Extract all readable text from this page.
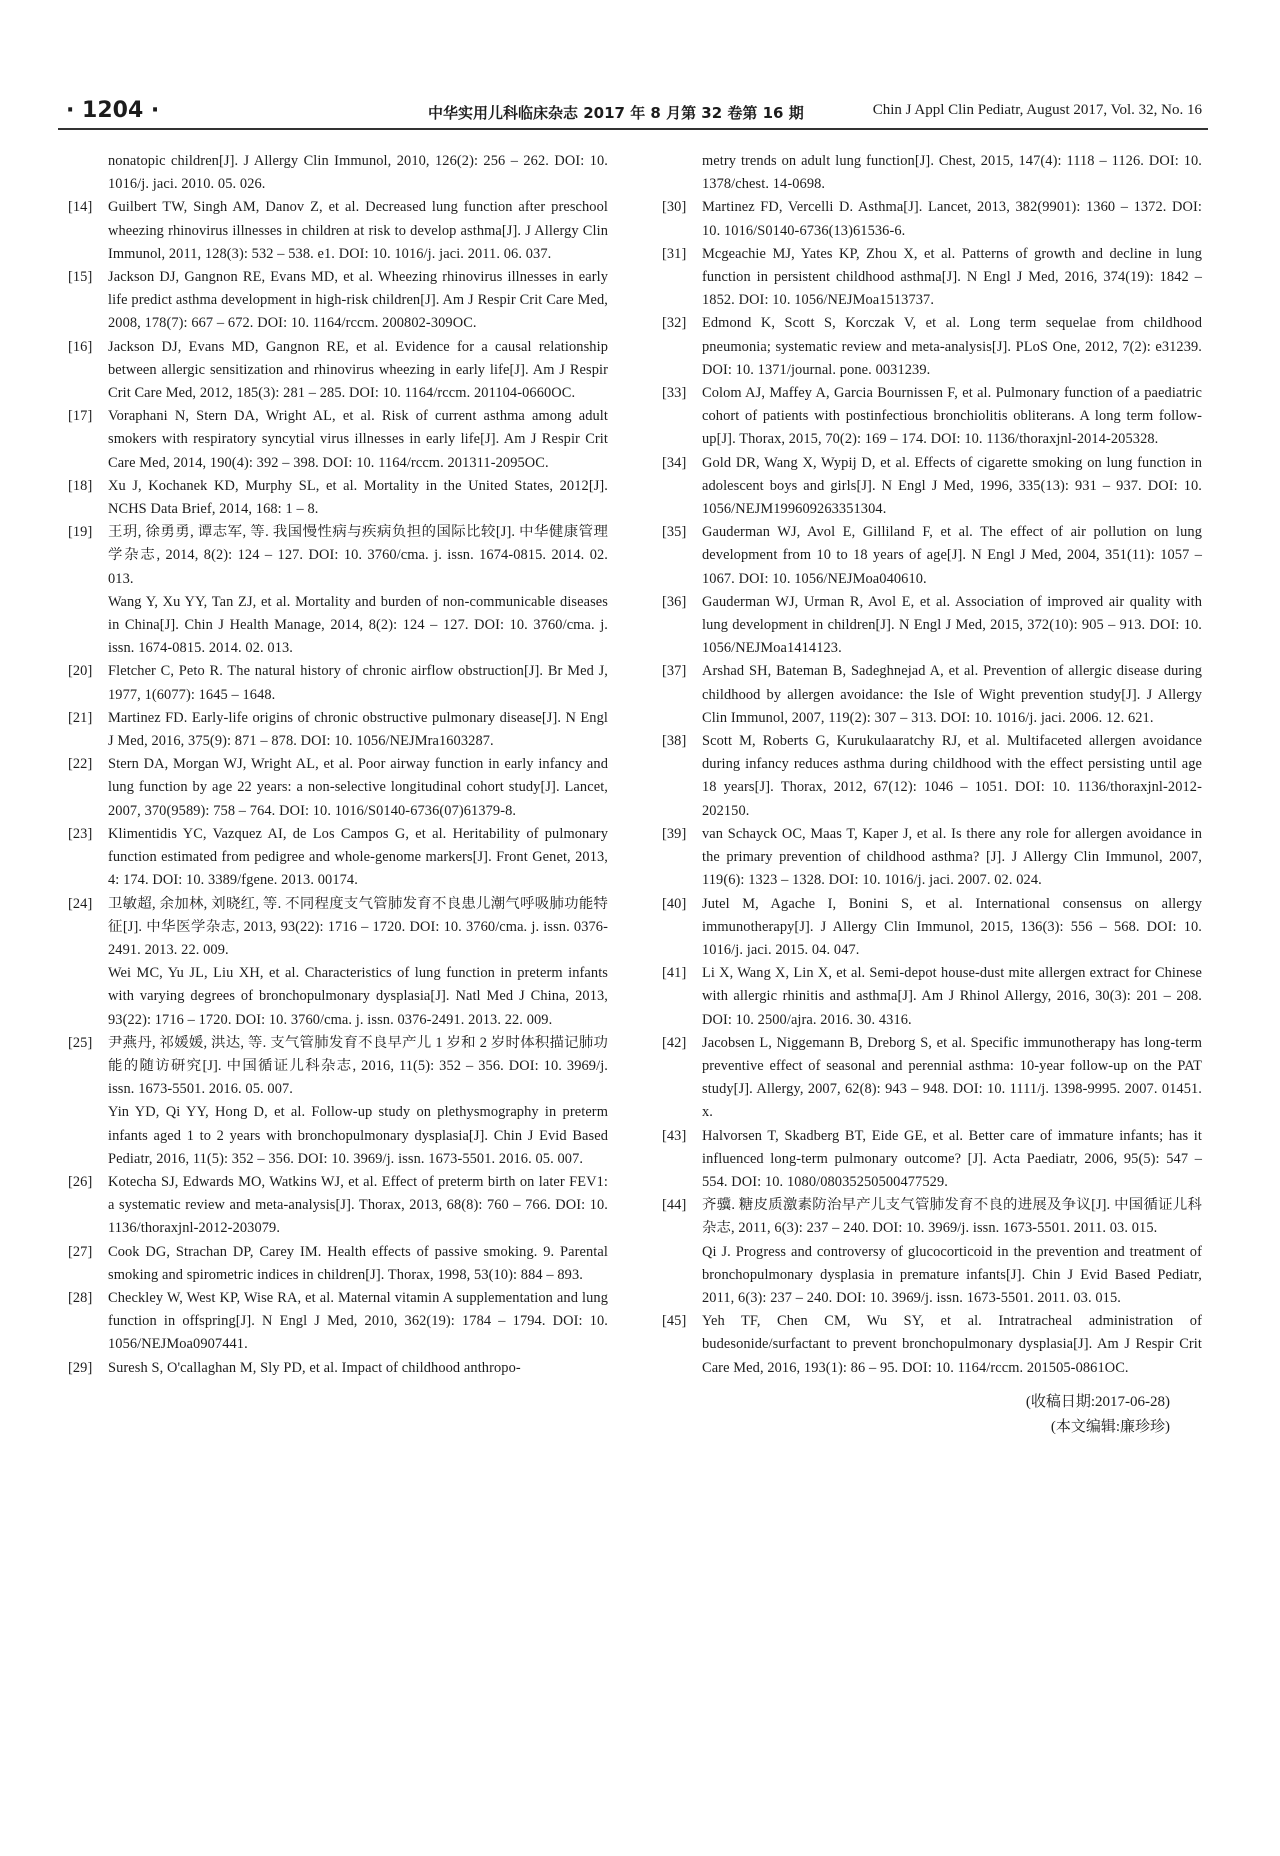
· 1204 ·	中华实用儿科临床杂志 2017 年 8 月第 32 卷第 16 期	Chin J Appl Clin Pediatr, August 2017, Vol. 32, No. 16

nonatopic children[J]. J Allergy Clin Immunol, 2010, 126(2): 256 – 262. DOI: 10. 1016/j. jaci. 2010. 05. 026.

[14]	Guilbert TW, Singh AM, Danov Z, et al. Decreased lung function after preschool wheezing rhinovirus illnesses in children at risk to develop asthma[J]. J Allergy Clin Immunol, 2011, 128(3): 532 – 538. e1. DOI: 10. 1016/j. jaci. 2011. 06. 037.

[15]	Jackson DJ, Gangnon RE, Evans MD, et al. Wheezing rhinovirus illnesses in early life predict asthma development in high-risk children[J]. Am J Respir Crit Care Med, 2008, 178(7): 667 – 672. DOI: 10. 1164/rccm. 200802-309OC.

[16]	Jackson DJ, Evans MD, Gangnon RE, et al. Evidence for a causal relationship between allergic sensitization and rhinovirus wheezing in early life[J]. Am J Respir Crit Care Med, 2012, 185(3): 281 – 285. DOI: 10. 1164/rccm. 201104-0660OC.

[17]	Voraphani N, Stern DA, Wright AL, et al. Risk of current asthma among adult smokers with respiratory syncytial virus illnesses in early life[J]. Am J Respir Crit Care Med, 2014, 190(4): 392 – 398. DOI: 10. 1164/rccm. 201311-2095OC.

[18]	Xu J, Kochanek KD, Murphy SL, et al. Mortality in the United States, 2012[J]. NCHS Data Brief, 2014, 168: 1 – 8.

[19]	王玥, 徐勇勇, 谭志军, 等. 我国慢性病与疾病负担的国际比较[J]. 中华健康管理学杂志, 2014, 8(2): 124 – 127. DOI: 10. 3760/cma. j. issn. 1674-0815. 2014. 02. 013.
Wang Y, Xu YY, Tan ZJ, et al. Mortality and burden of non-communicable diseases in China[J]. Chin J Health Manage, 2014, 8(2): 124 – 127. DOI: 10. 3760/cma. j. issn. 1674-0815. 2014. 02. 013.

[20]	Fletcher C, Peto R. The natural history of chronic airflow obstruction[J]. Br Med J, 1977, 1(6077): 1645 – 1648.

[21]	Martinez FD. Early-life origins of chronic obstructive pulmonary disease[J]. N Engl J Med, 2016, 375(9): 871 – 878. DOI: 10. 1056/NEJMra1603287.

[22]	Stern DA, Morgan WJ, Wright AL, et al. Poor airway function in early infancy and lung function by age 22 years: a non-selective longitudinal cohort study[J]. Lancet, 2007, 370(9589): 758 – 764. DOI: 10. 1016/S0140-6736(07)61379-8.

[23]	Klimentidis YC, Vazquez AI, de Los Campos G, et al. Heritability of pulmonary function estimated from pedigree and whole-genome markers[J]. Front Genet, 2013, 4: 174. DOI: 10. 3389/fgene. 2013. 00174.

[24]	卫敏超, 余加林, 刘晓红, 等. 不同程度支气管肺发育不良患儿潮气呼吸肺功能特征[J]. 中华医学杂志, 2013, 93(22): 1716 – 1720. DOI: 10. 3760/cma. j. issn. 0376-2491. 2013. 22. 009.
Wei MC, Yu JL, Liu XH, et al. Characteristics of lung function in preterm infants with varying degrees of bronchopulmonary dysplasia[J]. Natl Med J China, 2013, 93(22): 1716 – 1720. DOI: 10. 3760/cma. j. issn. 0376-2491. 2013. 22. 009.

[25]	尹燕丹, 祁媛媛, 洪达, 等. 支气管肺发育不良早产儿 1 岁和 2 岁时体积描记肺功能的随访研究[J]. 中国循证儿科杂志, 2016, 11(5): 352 – 356. DOI: 10. 3969/j. issn. 1673-5501. 2016. 05. 007.
Yin YD, Qi YY, Hong D, et al. Follow-up study on plethysmography in preterm infants aged 1 to 2 years with bronchopulmonary dysplasia[J]. Chin J Evid Based Pediatr, 2016, 11(5): 352 – 356. DOI: 10. 3969/j. issn. 1673-5501. 2016. 05. 007.

[26]	Kotecha SJ, Edwards MO, Watkins WJ, et al. Effect of preterm birth on later FEV1: a systematic review and meta-analysis[J]. Thorax, 2013, 68(8): 760 – 766. DOI: 10. 1136/thoraxjnl-2012-203079.

[27]	Cook DG, Strachan DP, Carey IM. Health effects of passive smoking. 9. Parental smoking and spirometric indices in children[J]. Thorax, 1998, 53(10): 884 – 893.

[28]	Checkley W, West KP, Wise RA, et al. Maternal vitamin A supplementation and lung function in offspring[J]. N Engl J Med, 2010, 362(19): 1784 – 1794. DOI: 10. 1056/NEJMoa0907441.

[29]	Suresh S, O'callaghan M, Sly PD, et al. Impact of childhood anthropo-

metry trends on adult lung function[J]. Chest, 2015, 147(4): 1118 – 1126. DOI: 10. 1378/chest. 14-0698.

[30]	Martinez FD, Vercelli D. Asthma[J]. Lancet, 2013, 382(9901): 1360 – 1372. DOI: 10. 1016/S0140-6736(13)61536-6.

[31]	Mcgeachie MJ, Yates KP, Zhou X, et al. Patterns of growth and decline in lung function in persistent childhood asthma[J]. N Engl J Med, 2016, 374(19): 1842 – 1852. DOI: 10. 1056/NEJMoa1513737.

[32]	Edmond K, Scott S, Korczak V, et al. Long term sequelae from childhood pneumonia; systematic review and meta-analysis[J]. PLoS One, 2012, 7(2): e31239. DOI: 10. 1371/journal. pone. 0031239.

[33]	Colom AJ, Maffey A, Garcia Bournissen F, et al. Pulmonary function of a paediatric cohort of patients with postinfectious bronchiolitis obliterans. A long term follow-up[J]. Thorax, 2015, 70(2): 169 – 174. DOI: 10. 1136/thoraxjnl-2014-205328.

[34]	Gold DR, Wang X, Wypij D, et al. Effects of cigarette smoking on lung function in adolescent boys and girls[J]. N Engl J Med, 1996, 335(13): 931 – 937. DOI: 10. 1056/NEJM199609263351304.

[35]	Gauderman WJ, Avol E, Gilliland F, et al. The effect of air pollution on lung development from 10 to 18 years of age[J]. N Engl J Med, 2004, 351(11): 1057 – 1067. DOI: 10. 1056/NEJMoa040610.

[36]	Gauderman WJ, Urman R, Avol E, et al. Association of improved air quality with lung development in children[J]. N Engl J Med, 2015, 372(10): 905 – 913. DOI: 10. 1056/NEJMoa1414123.

[37]	Arshad SH, Bateman B, Sadeghnejad A, et al. Prevention of allergic disease during childhood by allergen avoidance: the Isle of Wight prevention study[J]. J Allergy Clin Immunol, 2007, 119(2): 307 – 313. DOI: 10. 1016/j. jaci. 2006. 12. 621.

[38]	Scott M, Roberts G, Kurukulaaratchy RJ, et al. Multifaceted allergen avoidance during infancy reduces asthma during childhood with the effect persisting until age 18 years[J]. Thorax, 2012, 67(12): 1046 – 1051. DOI: 10. 1136/thoraxjnl-2012-202150.

[39]	van Schayck OC, Maas T, Kaper J, et al. Is there any role for allergen avoidance in the primary prevention of childhood asthma? [J]. J Allergy Clin Immunol, 2007, 119(6): 1323 – 1328. DOI: 10. 1016/j. jaci. 2007. 02. 024.

[40]	Jutel M, Agache I, Bonini S, et al. International consensus on allergy immunotherapy[J]. J Allergy Clin Immunol, 2015, 136(3): 556 – 568. DOI: 10. 1016/j. jaci. 2015. 04. 047.

[41]	Li X, Wang X, Lin X, et al. Semi-depot house-dust mite allergen extract for Chinese with allergic rhinitis and asthma[J]. Am J Rhinol Allergy, 2016, 30(3): 201 – 208. DOI: 10. 2500/ajra. 2016. 30. 4316.

[42]	Jacobsen L, Niggemann B, Dreborg S, et al. Specific immunotherapy has long-term preventive effect of seasonal and perennial asthma: 10-year follow-up on the PAT study[J]. Allergy, 2007, 62(8): 943 – 948. DOI: 10. 1111/j. 1398-9995. 2007. 01451. x.

[43]	Halvorsen T, Skadberg BT, Eide GE, et al. Better care of immature infants; has it influenced long-term pulmonary outcome? [J]. Acta Paediatr, 2006, 95(5): 547 – 554. DOI: 10. 1080/08035250500477529.

[44]	齐骥. 糖皮质激素防治早产儿支气管肺发育不良的进展及争议[J]. 中国循证儿科杂志, 2011, 6(3): 237 – 240. DOI: 10. 3969/j. issn. 1673-5501. 2011. 03. 015.
Qi J. Progress and controversy of glucocorticoid in the prevention and treatment of bronchopulmonary dysplasia in premature infants[J]. Chin J Evid Based Pediatr, 2011, 6(3): 237 – 240. DOI: 10. 3969/j. issn. 1673-5501. 2011. 03. 015.

[45]	Yeh TF, Chen CM, Wu SY, et al. Intratracheal administration of budesonide/surfactant to prevent bronchopulmonary dysplasia[J]. Am J Respir Crit Care Med, 2016, 193(1): 86 – 95. DOI: 10. 1164/rccm. 201505-0861OC.

(收稿日期:2017-06-28)
(本文编辑:廉珍珍)
